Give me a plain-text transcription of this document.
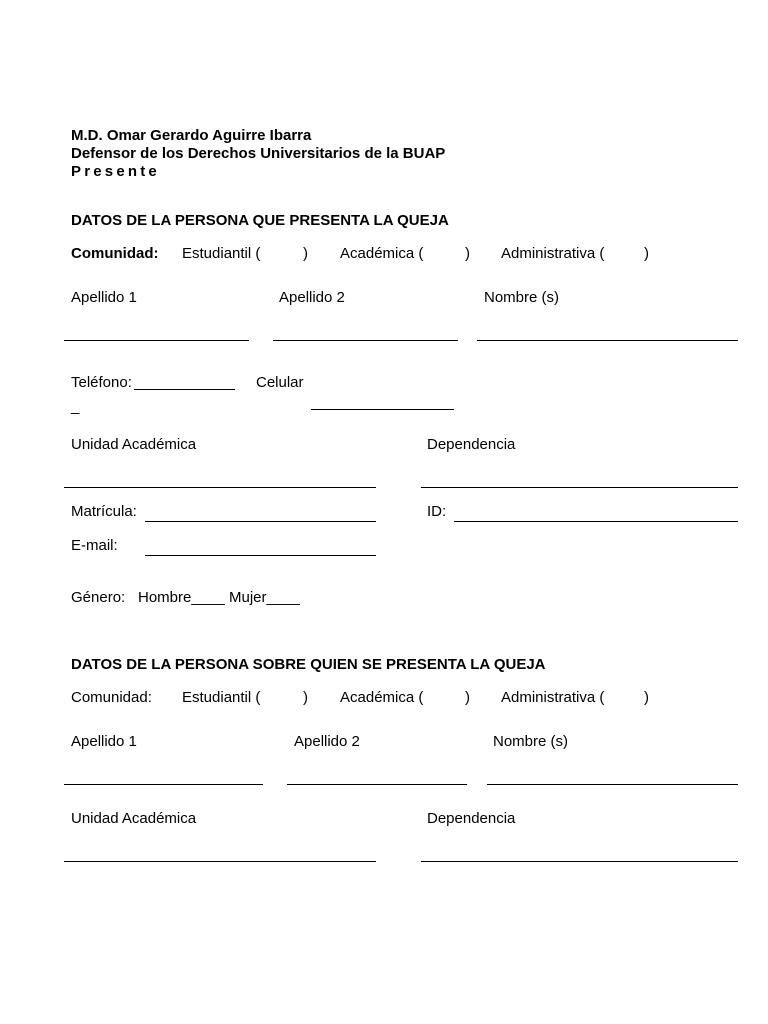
M.D. Omar Gerardo Aguirre Ibarra
Defensor de los Derechos Universitarios de la BUAP
Presente
DATOS DE LA PERSONA QUE PRESENTA LA QUEJA
Comunidad: Estudiantil (	) Académica (	) Administrativa (	)
Apellido 1	Apellido 2	Nombre (s)
Teléfono:	Celular
_
Unidad Académica	Dependencia
Matrícula:	ID:
E-mail:
Género: Hombre____ Mujer____
DATOS DE LA PERSONA SOBRE QUIEN SE PRESENTA LA QUEJA
Comunidad: Estudiantil (	) Académica (	) Administrativa (	)
Apellido 1	Apellido 2	Nombre (s)
Unidad Académica	Dependencia
